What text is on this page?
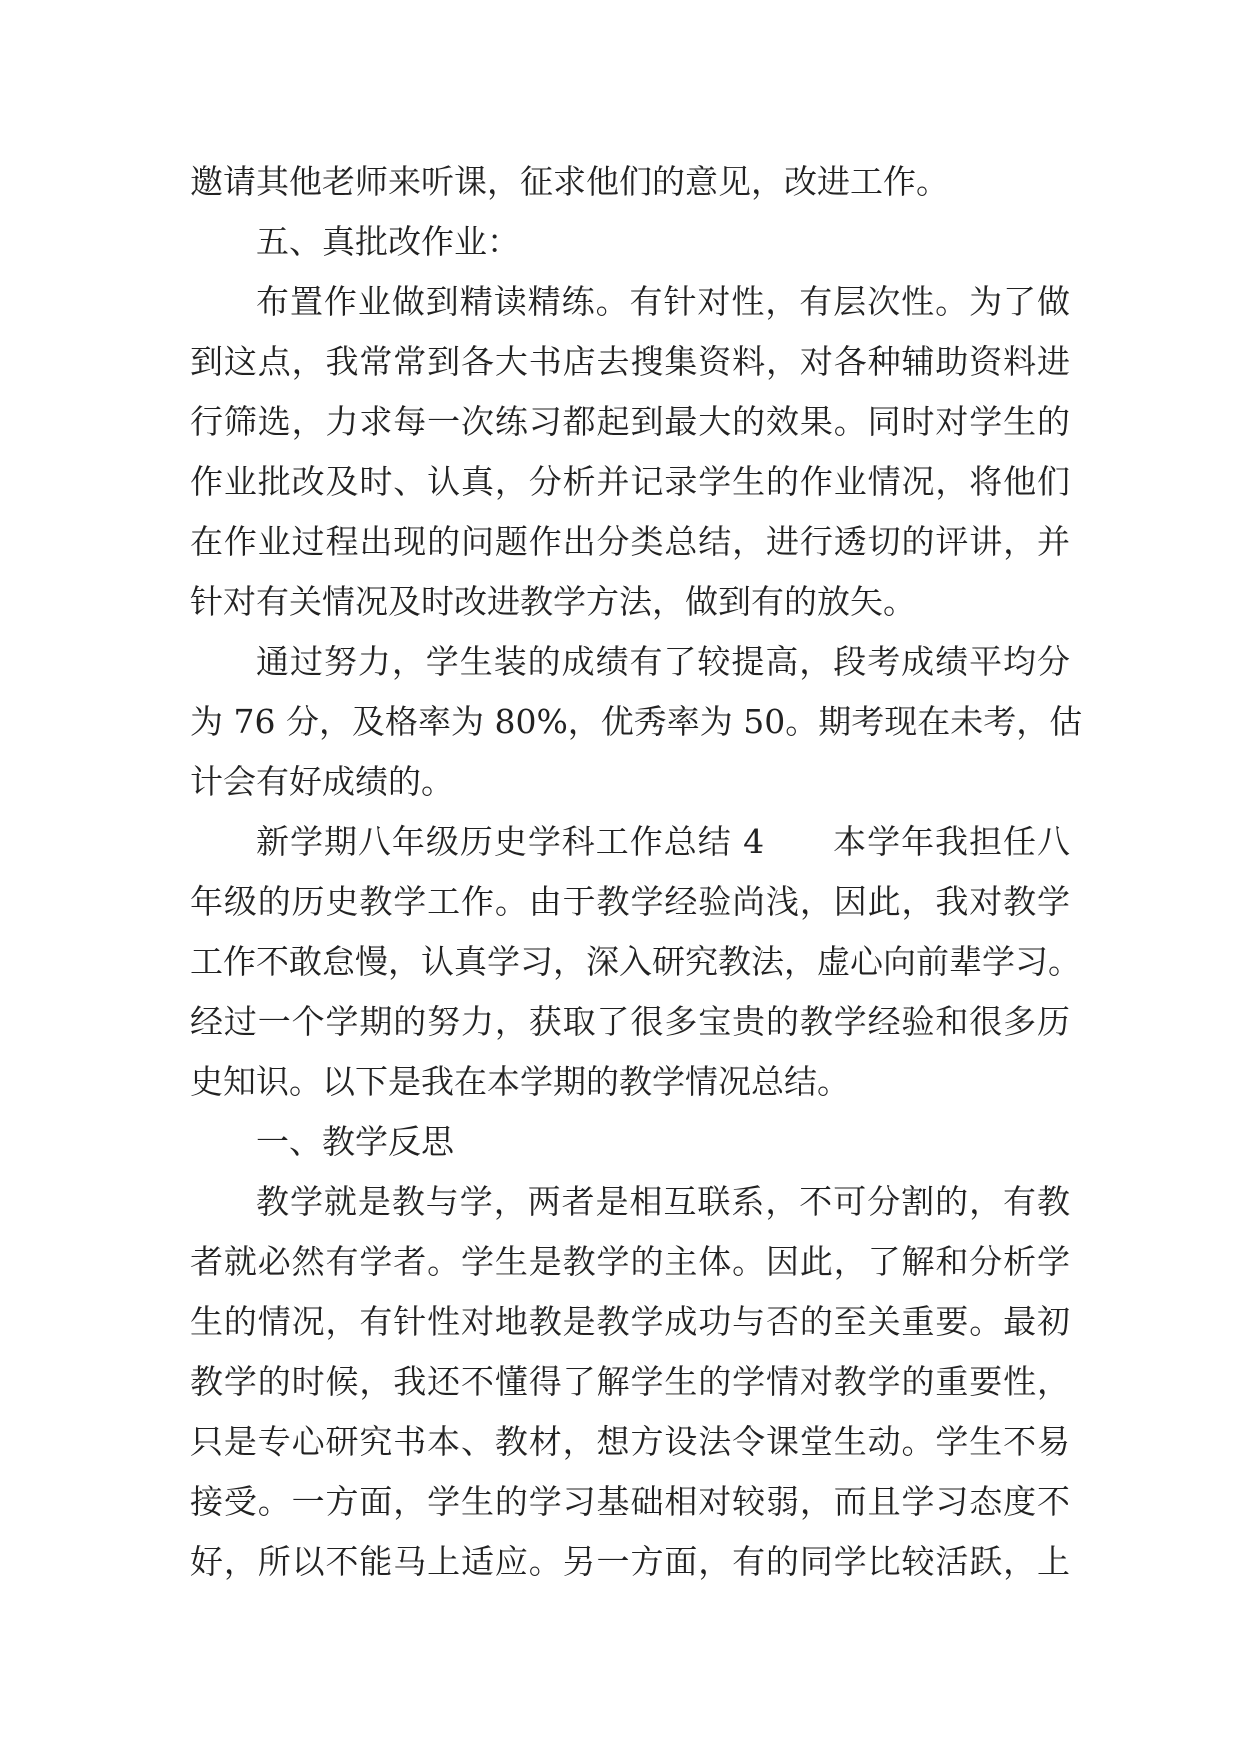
邀请其他老师来听课，征求他们的意见，改进工作。

五、真批改作业：

布置作业做到精读精练。有针对性，有层次性。为了做

到这点，我常常到各大书店去搜集资料，对各种辅助资料进

行筛选，力求每一次练习都起到最大的效果。同时对学生的

作业批改及时、认真，分析并记录学生的作业情况，将他们

在作业过程出现的问题作出分类总结，进行透切的评讲，并

针对有关情况及时改进教学方法，做到有的放矢。

通过努力，学生装的成绩有了较提高，段考成绩平均分

为 76 分，及格率为 80%，优秀率为 50。期考现在未考，估

计会有好成绩的。

新学期八年级历史学科工作总结 4　　本学年我担任八

年级的历史教学工作。由于教学经验尚浅，因此，我对教学

工作不敢怠慢，认真学习，深入研究教法，虚心向前辈学习。

经过一个学期的努力，获取了很多宝贵的教学经验和很多历

史知识。以下是我在本学期的教学情况总结。

一、教学反思

教学就是教与学，两者是相互联系，不可分割的，有教

者就必然有学者。学生是教学的主体。因此，了解和分析学

生的情况，有针性对地教是教学成功与否的至关重要。最初

教学的时候，我还不懂得了解学生的学情对教学的重要性，

只是专心研究书本、教材，想方设法令课堂生动。学生不易

接受。一方面，学生的学习基础相对较弱，而且学习态度不

好，所以不能马上适应。另一方面，有的同学比较活跃，上
